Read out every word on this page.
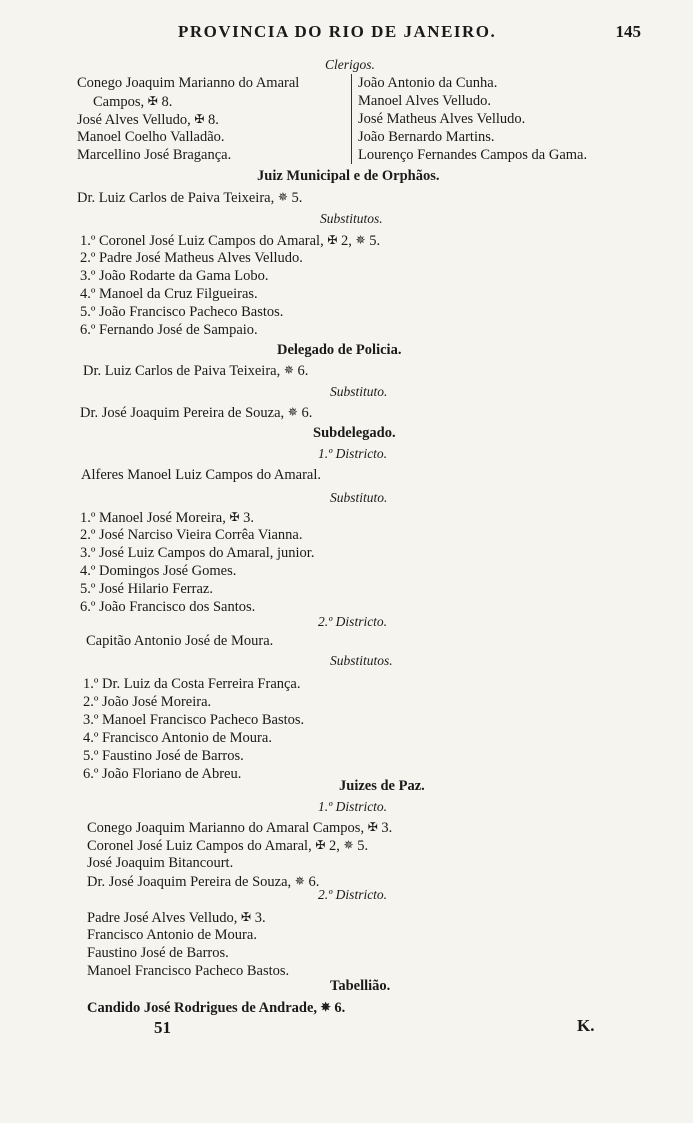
PROVINCIA DO RIO DE JANEIRO.	145
Clerigos.
Conego Joaquim Marianno do Amaral
Campos, ✠ 8.
José Alves Velludo, ✠ 8.
Manoel Coelho Valladão.
Marcellino José Bragança.
João Antonio da Cunha.
Manoel Alves Velludo.
José Matheus Alves Velludo.
João Bernardo Martins.
Lourenço Fernandes Campos da Gama.
Juiz Municipal e de Orphãos.
Dr. Luiz Carlos de Paiva Teixeira, ✵ 5.
Substitutos.
1.º Coronel José Luiz Campos do Amaral, ✠ 2, ✵ 5.
2.º Padre José Matheus Alves Velludo.
3.º João Rodarte da Gama Lobo.
4.º Manoel da Cruz Filgueiras.
5.º João Francisco Pacheco Bastos.
6.º Fernando José de Sampaio.
Delegado de Policia.
Dr. Luiz Carlos de Paiva Teixeira, ✵ 6.
Substituto.
Dr. José Joaquim Pereira de Souza, ✵ 6.
Subdelegado.
1.º Districto.
Alferes Manoel Luiz Campos do Amaral.
Substituto.
1.º Manoel José Moreira, ✠ 3.
2.º José Narciso Vieira Corrêa Vianna.
3.º José Luiz Campos do Amaral, junior.
4.º Domingos José Gomes.
5.º José Hilario Ferraz.
6.º João Francisco dos Santos.
2.º Districto.
Capitão Antonio José de Moura.
Substitutos.
1.º Dr. Luiz da Costa Ferreira França.
2.º João José Moreira.
3.º Manoel Francisco Pacheco Bastos.
4.º Francisco Antonio de Moura.
5.º Faustino José de Barros.
6.º João Floriano de Abreu.
Juizes de Paz.
1.º Districto.
Conego Joaquim Marianno do Amaral Campos, ✠ 3.
Coronel José Luiz Campos do Amaral, ✠ 2, ✵ 5.
José Joaquim Bitancourt.
Dr. José Joaquim Pereira de Souza, ✵ 6.
2.º Districto.
Padre José Alves Velludo, ✠ 3.
Francisco Antonio de Moura.
Faustino José de Barros.
Manoel Francisco Pacheco Bastos.
Tabellião.
Candido José Rodrigues de Andrade, ✵ 6.
51	K.
